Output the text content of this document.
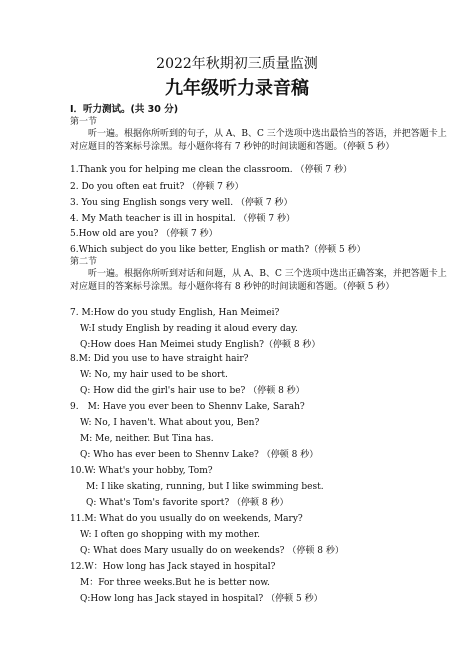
2022年秋期初三质量监测
九年级听力录音稿
Ⅰ．听力测试。(共 30 分)
第一节
听一遍。根据你所听到的句子，从 A、B、C 三个选项中选出最恰当的答语，并把答题卡上对应题目的答案标号涂黑。每小题你将有 7 秒钟的时间读题和答题。（停顿 5 秒）
1.Thank you for helping me clean the classroom. （停顿 7 秒）
2. Do you often eat fruit? （停顿 7 秒）
3. You sing English songs very well. （停顿 7 秒）
4. My Math teacher is ill in hospital. （停顿 7 秒）
5.How old are you? （停顿 7 秒）
6.Which subject do you like better, English or math?（停顿 5 秒）
第二节
听一遍。根据你所听到对话和问题，从 A、B、C 三个选项中选出正确答案，并把答题卡上对应题目的答案标号涂黑。每小题你将有 8 秒钟的时间读题和答题。（停顿 5 秒）
7. M:How do you study English, Han Meimei?
W:I study English by reading it aloud every day.
Q:How does Han Meimei study English?（停顿 8 秒）
8.M: Did you use to have straight hair?
W: No, my hair used to be short.
Q: How did the girl's hair use to be? （停顿 8 秒）
9.　M: Have you ever been to Shennv Lake, Sarah?
W: No, I haven't. What about you, Ben?
M: Me, neither. But Tina has.
Q: Who has ever been to Shennv Lake? （停顿 8 秒）
10.W: What's your hobby, Tom?
M: I like skating, running, but I like swimming best.
Q: What's Tom's favorite sport? （停顿 8 秒）
11.M: What do you usually do on weekends, Mary?
W: I often go shopping with my mother.
Q: What does Mary usually do on weekends? （停顿 8 秒）
12.W：How long has Jack stayed in hospital?
M：For three weeks.But he is better now.
Q:How long has Jack stayed in hospital? （停顿 5 秒）
